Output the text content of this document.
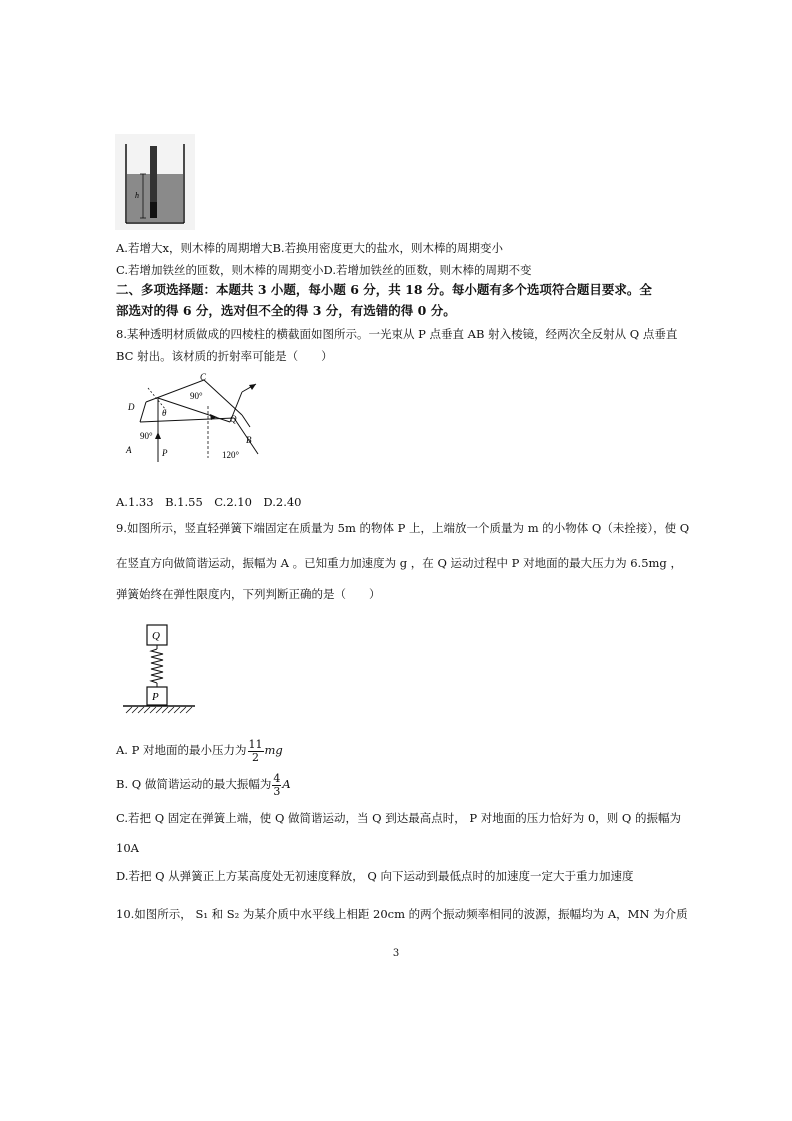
h
A.若增大x，则木棒的周期增大B.若换用密度更大的盐水，则木棒的周期变小
C.若增加铁丝的匝数，则木棒的周期变小D.若增加铁丝的匝数，则木棒的周期不变
二、多项选择题：本题共 3 小题，每小题 6 分，共 18 分。每小题有多个选项符合题目要求。全
部选对的得 6 分，选对但不全的得 3 分，有选错的得 0 分。
8.某种透明材质做成的四棱柱的横截面如图所示。一光束从 P 点垂直 AB 射入棱镜，经两次全反射从 Q 点垂直
BC 射出。该材质的折射率可能是（　　）
C
90°
D
θ
90°
A	P
Q
B
120°
A.1.33　B.1.55　C.2.10　D.2.40
9.如图所示，竖直轻弹簧下端固定在质量为 5m 的物体 P 上，上端放一个质量为 m 的小物体 Q（未拴接），使 Q
在竖直方向做简谐运动，振幅为 A 。已知重力加速度为 g ，在 Q 运动过程中 P 对地面的最大压力为 6.5mg ，
弹簧始终在弹性限度内，下列判断正确的是（　　）
Q
P
A. P 对地面的最小压力为 $\frac{11}{2}$ mg
B. Q 做简谐运动的最大振幅为 $\frac{4}{3}$ A
C.若把 Q 固定在弹簧上端，使 Q 做简谐运动，当 Q 到达最高点时， P 对地面的压力恰好为 0，则 Q 的振幅为
10A
D.若把 Q 从弹簧正上方某高度处无初速度释放， Q 向下运动到最低点时的加速度一定大于重力加速度
10.如图所示， S₁ 和 S₂ 为某介质中水平线上相距 20cm 的两个振动频率相同的波源，振幅均为 A，MN 为介质
3
